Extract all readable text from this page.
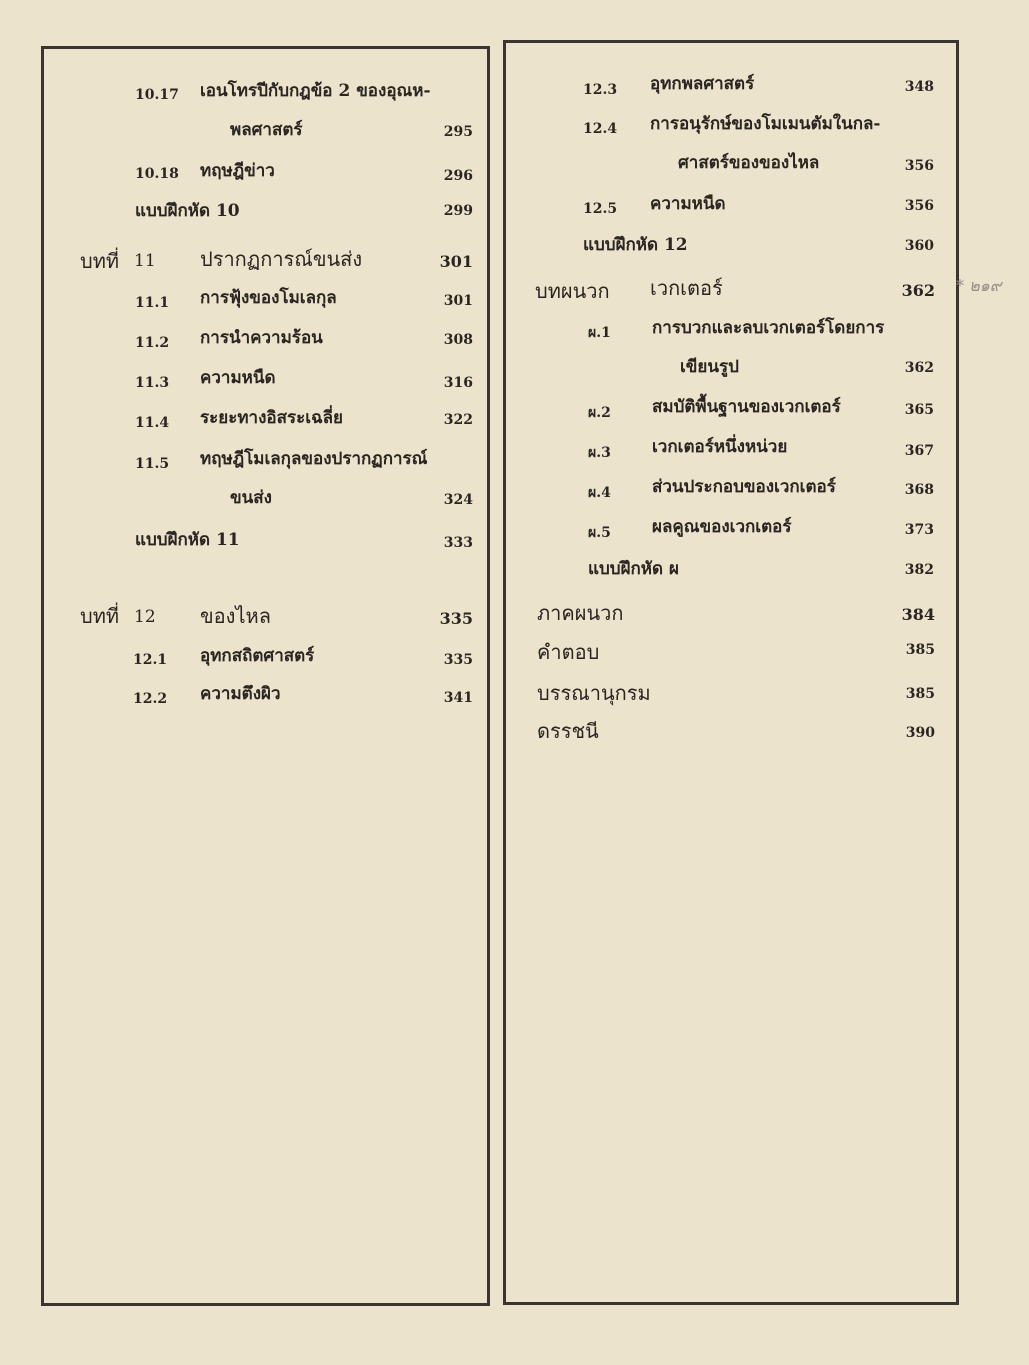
10.17 เอนโทรปีกับกฎข้อ 2 ของอุณห-
พลศาสตร์	295
10.18 ทฤษฎีข่าว	296
แบบฝึกหัด 10	299
บทที่ 11 ปรากฏการณ์ขนส่ง	301
11.1 การฟุ้งของโมเลกุล	301
11.2 การนำความร้อน	308
11.3 ความหนืด	316
11.4 ระยะทางอิสระเฉลี่ย	322
11.5 ทฤษฎีโมเลกุลของปรากฏการณ์
ขนส่ง	324
แบบฝึกหัด 11	333
บทที่ 12 ของไหล	335
12.1 อุทกสถิตศาสตร์	335
12.2 ความตึงผิว	341
12.3 อุทกพลศาสตร์	348
12.4 การอนุรักษ์ของโมเมนตัมในกล-
ศาสตร์ของของไหล	356
12.5 ความหนืด	356
แบบฝึกหัด 12	360
บทผนวก เวกเตอร์	362
ผ.1 การบวกและลบเวกเตอร์โดยการ
เขียนรูป	362
ผ.2 สมบัติพื้นฐานของเวกเตอร์	365
ผ.3 เวกเตอร์หนึ่งหน่วย	367
ผ.4 ส่วนประกอบของเวกเตอร์	368
ผ.5 ผลคูณของเวกเตอร์	373
แบบฝึกหัด ผ	382
ภาคผนวก	384
คำตอบ	385
บรรณานุกรม	385
ดรรชนี	390
* ๒๑๙
